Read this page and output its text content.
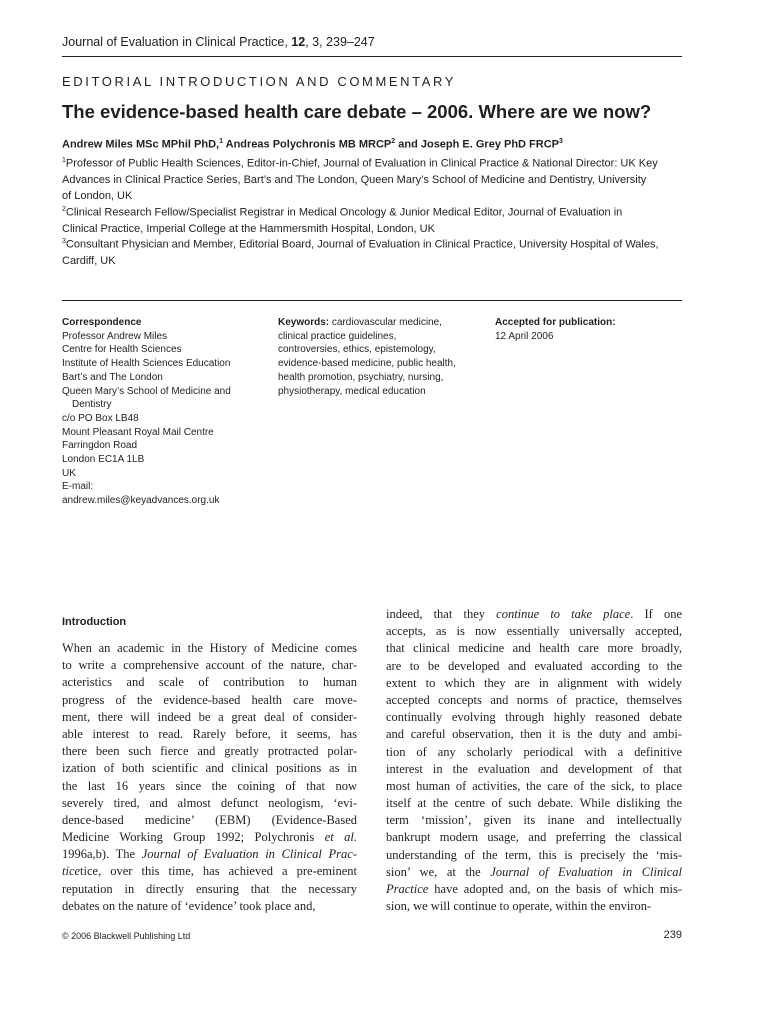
Journal of Evaluation in Clinical Practice, 12, 3, 239–247
EDITORIAL INTRODUCTION AND COMMENTARY
The evidence-based health care debate – 2006. Where are we now?
Andrew Miles MSc MPhil PhD,$^1$ Andreas Polychronis MB MRCP$^2$ and Joseph E. Grey PhD FRCP$^3$
$^1$Professor of Public Health Sciences, Editor-in-Chief, Journal of Evaluation in Clinical Practice & National Director: UK Key
Advances in Clinical Practice Series, Bart’s and The London, Queen Mary’s School of Medicine and Dentistry, University
of London, UK
$^2$Clinical Research Fellow/Specialist Registrar in Medical Oncology & Junior Medical Editor, Journal of Evaluation in
Clinical Practice, Imperial College at the Hammersmith Hospital, London, UK
$^3$Consultant Physician and Member, Editorial Board, Journal of Evaluation in Clinical Practice, University Hospital of Wales,
Cardiff, UK
Correspondence
Professor Andrew Miles
Centre for Health Sciences
Institute of Health Sciences Education
Bart’s and The London
Queen Mary’s School of Medicine and
Dentistry
c/o PO Box LB48
Mount Pleasant Royal Mail Centre
Farringdon Road
London EC1A 1LB
UK
E-mail:
andrew.miles@keyadvances.org.uk
Keywords: cardiovascular medicine,
clinical practice guidelines,
controversies, ethics, epistemology,
evidence-based medicine, public health,
health promotion, psychiatry, nursing,
physiotherapy, medical education
Accepted for publication:
12 April 2006
Introduction
When an academic in the History of Medicine comes
to write a comprehensive account of the nature, char-
acteristics and scale of contribution to human
progress of the evidence-based health care move-
ment, there will indeed be a great deal of consider-
able interest to read. Rarely before, it seems, has
there been such fierce and greatly protracted polar-
ization of both scientific and clinical positions as in
the last 16 years since the coining of that now
severely tired, and almost defunct neologism, ‘evi-
dence-based medicine’ (EBM) (Evidence-Based
Medicine Working Group 1992; Polychronis et al.
1996a,b). The Journal of Evaluation in Clinical Prac-
ticetice, over this time, has achieved a pre-eminent
reputation in directly ensuring that the necessary
debates on the nature of ‘evidence’ took place and,
indeed, that they continue to take place. If one
accepts, as is now essentially universally accepted,
that clinical medicine and health care more broadly,
are to be developed and evaluated according to the
extent to which they are in alignment with widely
accepted concepts and norms of practice, themselves
continually evolving through highly reasoned debate
and careful observation, then it is the duty and ambi-
tion of any scholarly periodical with a definitive
interest in the evaluation and development of that
most human of activities, the care of the sick, to place
itself at the centre of such debate. While disliking the
term ‘mission’, given its inane and intellectually
bankrupt modern usage, and preferring the classical
understanding of the term, this is precisely the ‘mis-
sion’ we, at the Journal of Evaluation in Clinical
Practice have adopted and, on the basis of which mis-
sion, we will continue to operate, within the environ-
© 2006 Blackwell Publishing Ltd	239
